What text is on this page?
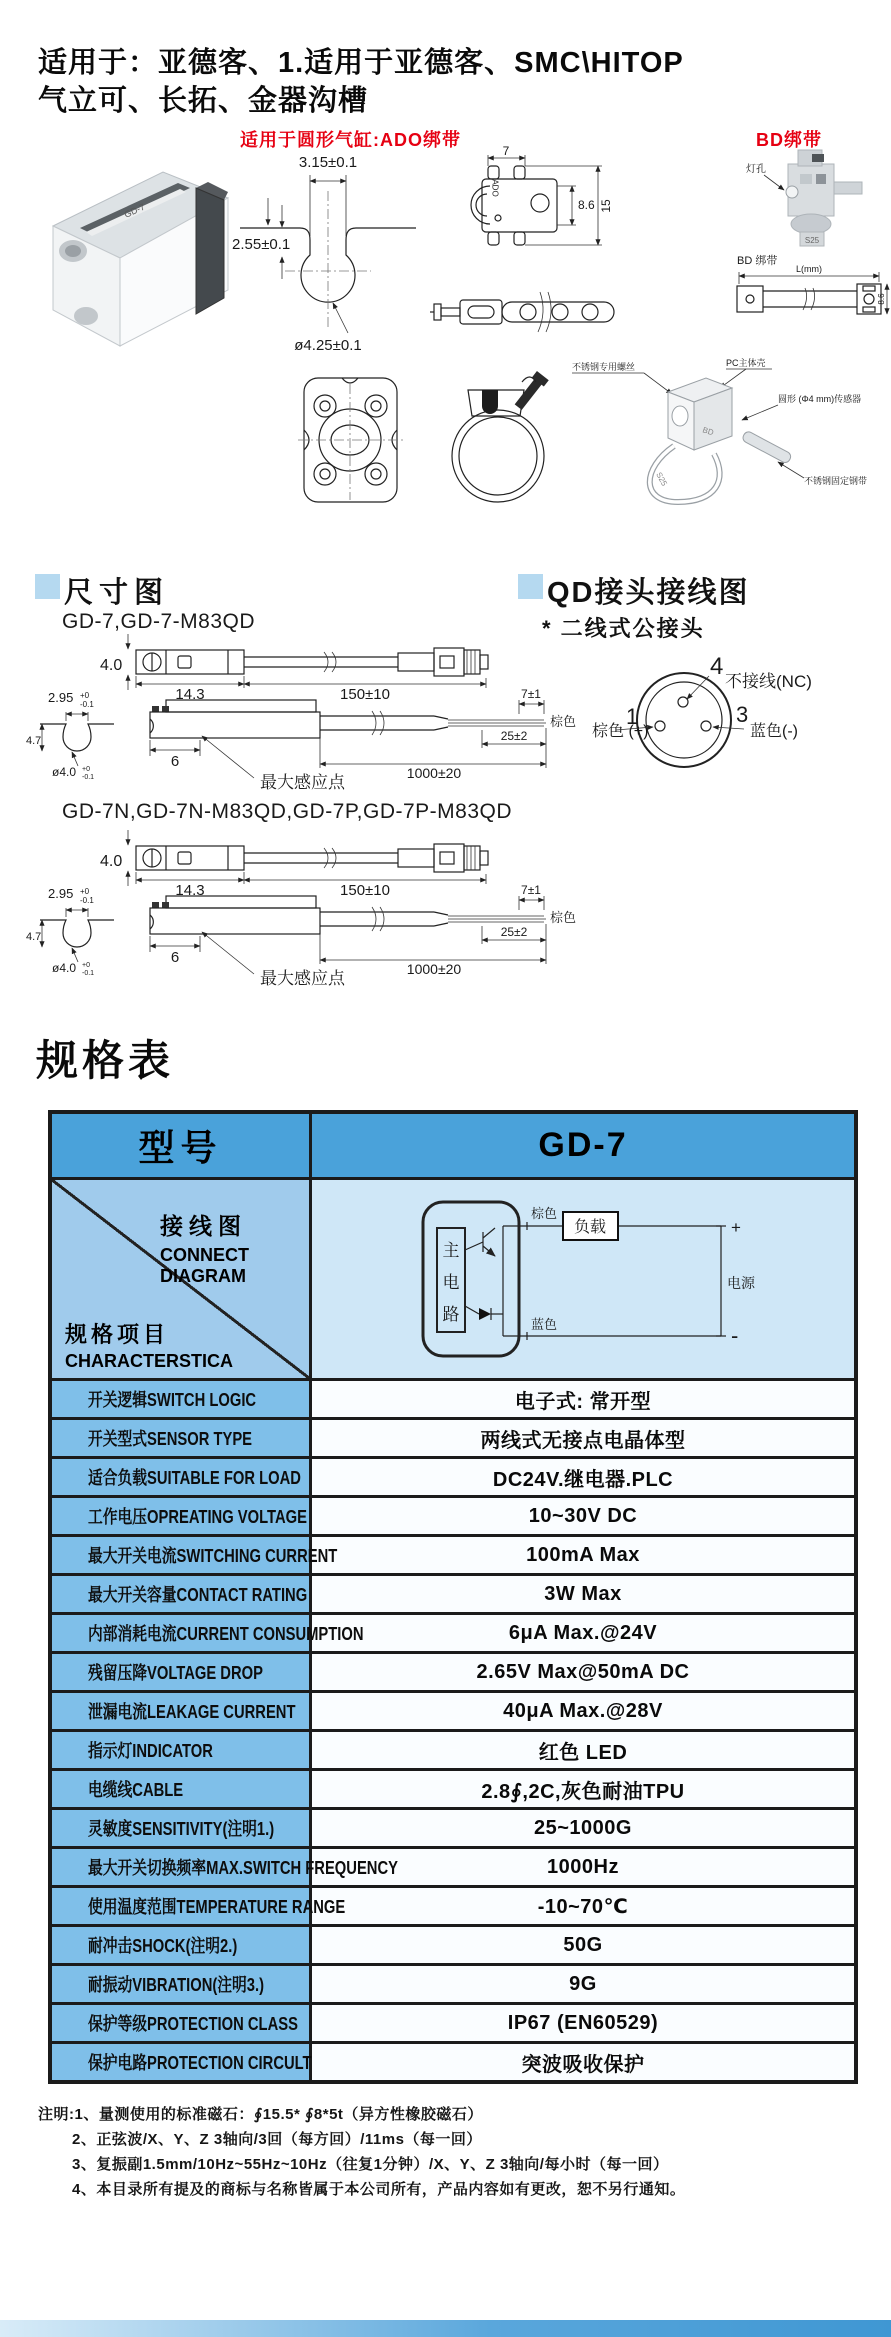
适用于：亚德客、1.适用于亚德客、SMC\HITOP
气立可、长拓、金器沟槽
适用于圆形气缸:ADO绑带	BD绑带
GD-7
3.15±0.1
2.55±0.1
ø4.25±0.1
ADO
7
8.6 15
灯孔
S25
BD 绑带
L(mm)
8.6
不锈钢专用螺丝	PC主体壳
圆形 (Φ4 mm)传感器
不锈钢固定钢带
BD
S25
尺寸图
GD-7,GD-7-M83QD
4.0
14.3	150±10
2.95 +0
-0.1
4.7
ø4.0 +0
-0.1
6
最大感应点
7±1
25±2
1000±20
棕色
GD-7N,GD-7N-M83QD,GD-7P,GD-7P-M83QD
4.0
14.3	150±10
2.95 +0
-0.1
4.7
ø4.0 +0
-0.1
6
最大感应点
7±1
25±2
1000±20
棕色
QD接头接线图
* 二线式公接头
4
不接线(NC)
棕色 (+)
1	3
蓝色(-)
规格表
型号	GD-7
接线图
CONNECT DIAGRAM
规格项目
CHARACTERSTICA
主
电
路
棕色
负载
蓝色
+
-
电源
开关逻辑SWITCH LOGIC	电子式: 常开型
开关型式SENSOR TYPE	两线式无接点电晶体型
适合负载SUITABLE FOR LOAD	DC24V.继电器.PLC
工作电压OPREATING VOLTAGE	10~30V DC
最大开关电流SWITCHING CURRENT	100mA Max
最大开关容量CONTACT RATING	3W Max
内部消耗电流CURRENT CONSUMPTION	6μA Max.@24V
残留压降VOLTAGE DROP	2.65V Max@50mA DC
泄漏电流LEAKAGE CURRENT	40μA Max.@28V
指示灯INDICATOR	红色 LED
电缆线CABLE	2.8∮,2C,灰色耐油TPU
灵敏度SENSITIVITY(注明1.)	25~1000G
最大开关切换频率MAX.SWITCH FREQUENCY	1000Hz
使用温度范围TEMPERATURE RANGE	-10~70℃
耐冲击SHOCK(注明2.)	50G
耐振动VIBRATION(注明3.)	9G
保护等级PROTECTION CLASS	IP67 (EN60529)
保护电路PROTECTION CIRCULT	突波吸收保护
注明:1、量测使用的标准磁石：∮15.5* ∮8*5t（异方性橡胶磁石）
2、正弦波/X、Y、Z 3轴向/3回（每方回）/11ms（每一回）
3、复振副1.5mm/10Hz~55Hz~10Hz（往复1分钟）/X、Y、Z 3轴向/每小时（每一回）
4、本目录所有提及的商标与名称皆属于本公司所有，产品内容如有更改，恕不另行通知。
